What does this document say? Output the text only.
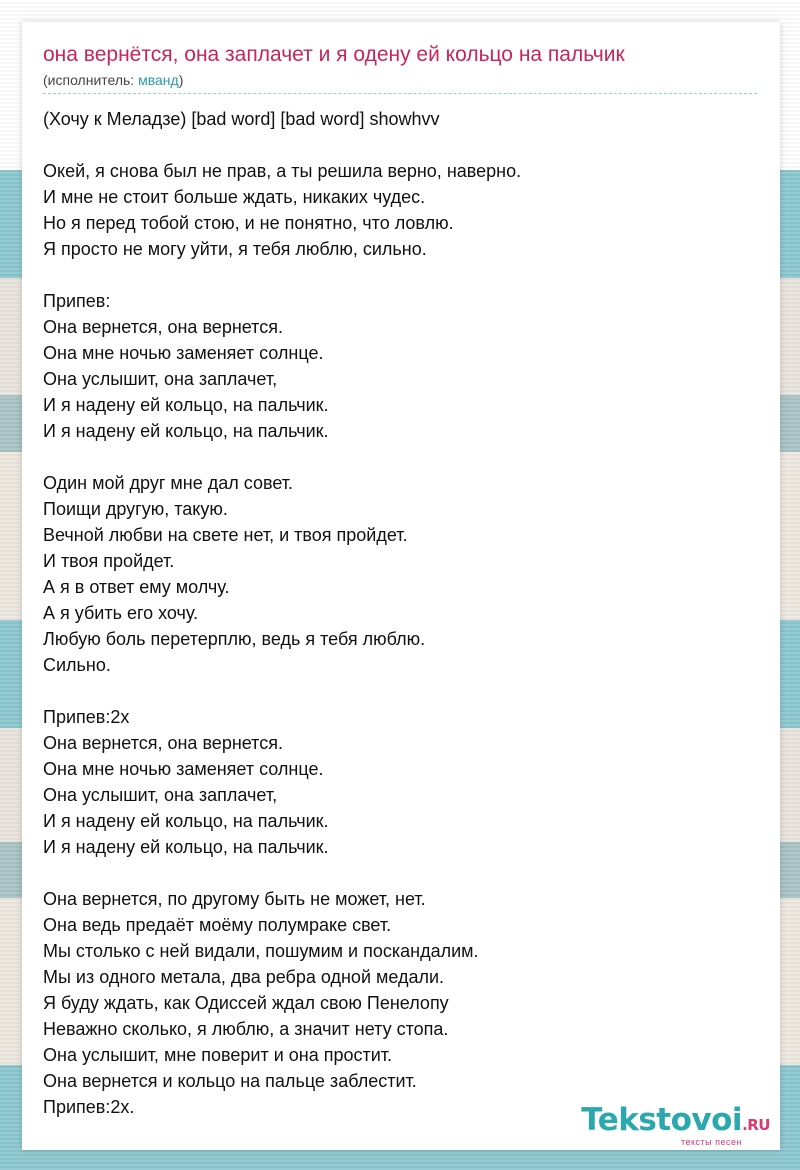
она вернётся, она заплачет и я одену ей кольцо на пальчик
(исполнитель: мванд)
(Хочу к Меладзе) [bad word] [bad word] showhvv
Окей, я снова был не прав, а ты решила верно, наверно.
И мне не стоит больше ждать, никаких чудес.
Но я перед тобой стою, и не понятно, что ловлю.
Я просто не могу уйти, я тебя люблю, сильно.
Припев:
Она вернется, она вернется.
Она мне ночью заменяет солнце.
Она услышит, она заплачет,
И я надену ей кольцо, на пальчик.
И я надену ей кольцо, на пальчик.
Один мой друг мне дал совет.
Поищи другую, такую.
Вечной любви на свете нет, и твоя пройдет.
И твоя пройдет.
А я в ответ ему молчу.
А я убить его хочу.
Любую боль перетерплю, ведь я тебя люблю.
Сильно.
Припев:2x
Она вернется, она вернется.
Она мне ночью заменяет солнце.
Она услышит, она заплачет,
И я надену ей кольцо, на пальчик.
И я надену ей кольцо, на пальчик.
Она вернется, по другому быть не может, нет.
Она ведь предаёт моёму полумраке свет.
Мы столько с ней видали, пошумим и поскандалим.
Мы из одного метала, два ребра одной медали.
Я буду ждать, как Одиссей ждал свою Пенелопу
Неважно сколько, я люблю, а значит нету стопа.
Она услышит, мне поверит и она простит.
Она вернется и кольцо на пальце заблестит.
Припев:2x.	Tekstovoi.RU
тексты песен
